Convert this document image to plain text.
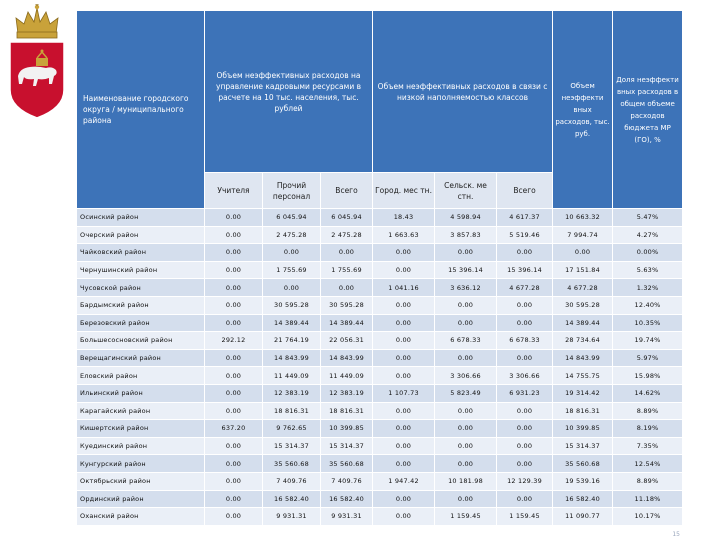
Наименование городского округа / муниципального района	Объем неэффективных расходов на управление кадровыми ресурсами в расчете на 10 тыс. населения, тыс. рублей			Объем неэффективных расходов в связи с низкой наполняемостью классов			Объем неэффекти вных расходов, тыс. руб.	Доля неэффекти вных расходов в общем объеме расходов бюджета МР (ГО), %
	Учителя	Прочий персонал	Всего	Город. мес тн.	Сельск. ме стн.	Всего		
Осинский район	0.00	6 045.94	6 045.94	18.43	4 598.94	4 617.37	10 663.32	5.47%
Очерский район	0.00	2 475.28	2 475.28	1 663.63	3 857.83	5 519.46	7 994.74	4.27%
Чайковский район	0.00	0.00	0.00	0.00	0.00	0.00	0.00	0.00%
Чернушинский район	0.00	1 755.69	1 755.69	0.00	15 396.14	15 396.14	17 151.84	5.63%
Чусовской район	0.00	0.00	0.00	1 041.16	3 636.12	4 677.28	4 677.28	1.32%
Бардымский район	0.00	30 595.28	30 595.28	0.00	0.00	0.00	30 595.28	12.40%
Березовский район	0.00	14 389.44	14 389.44	0.00	0.00	0.00	14 389.44	10.35%
Большесосновский район	292.12	21 764.19	22 056.31	0.00	6 678.33	6 678.33	28 734.64	19.74%
Верещагинский район	0.00	14 843.99	14 843.99	0.00	0.00	0.00	14 843.99	5.97%
Еловский район	0.00	11 449.09	11 449.09	0.00	3 306.66	3 306.66	14 755.75	15.98%
Ильинский район	0.00	12 383.19	12 383.19	1 107.73	5 823.49	6 931.23	19 314.42	14.62%
Карагайский район	0.00	18 816.31	18 816.31	0.00	0.00	0.00	18 816.31	8.89%
Кишертский район	637.20	9 762.65	10 399.85	0.00	0.00	0.00	10 399.85	8.19%
Куединский район	0.00	15 314.37	15 314.37	0.00	0.00	0.00	15 314.37	7.35%
Кунгурский район	0.00	35 560.68	35 560.68	0.00	0.00	0.00	35 560.68	12.54%
Октябрьский район	0.00	7 409.76	7 409.76	1 947.42	10 181.98	12 129.39	19 539.16	8.89%
Ординский район	0.00	16 582.40	16 582.40	0.00	0.00	0.00	16 582.40	11.18%
Оханский район	0.00	9 931.31	9 931.31	0.00	1 159.45	1 159.45	11 090.77	10.17%
15
